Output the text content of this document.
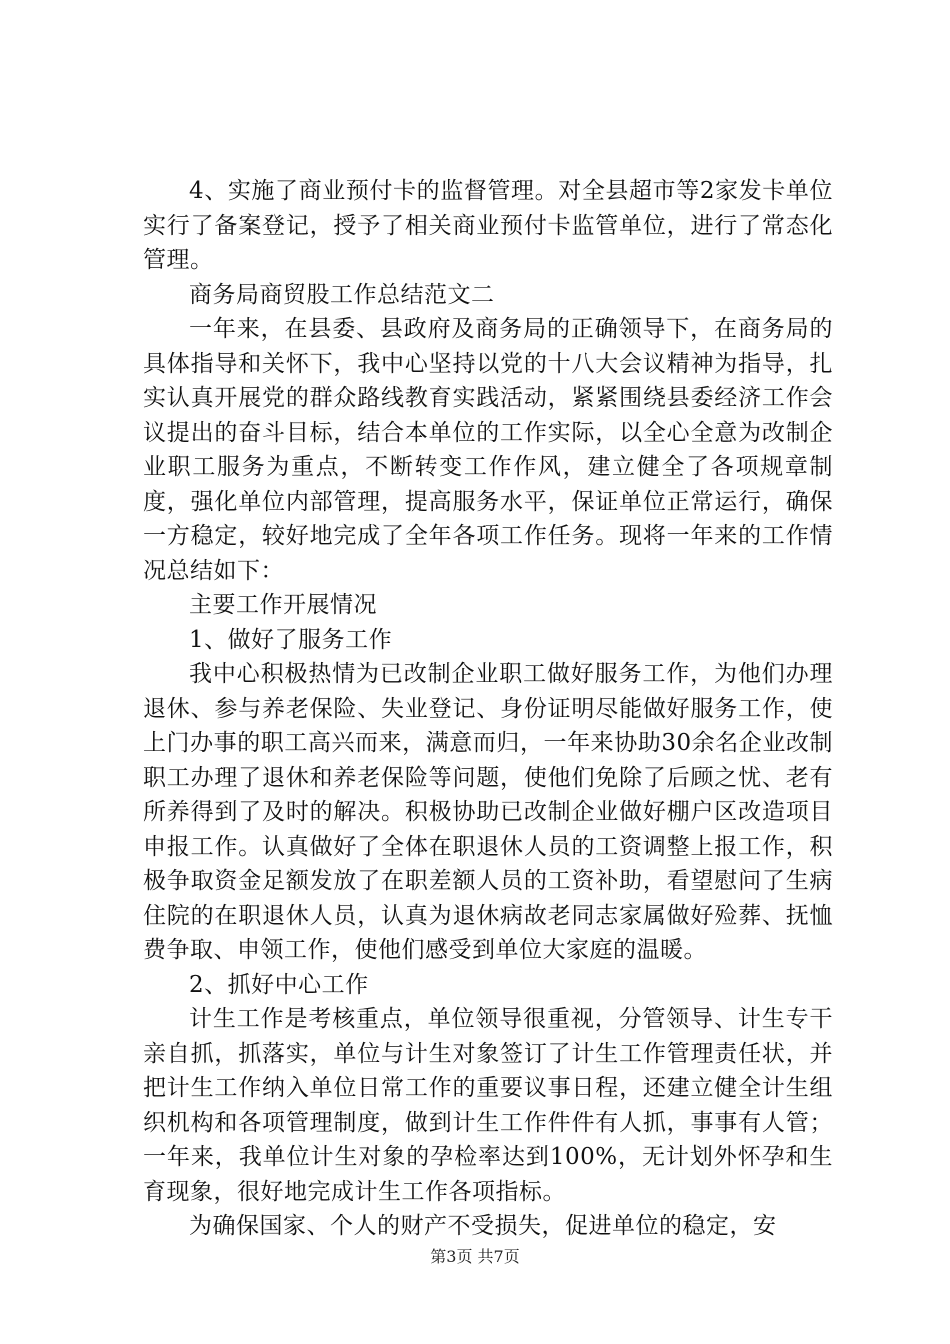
4、实施了商业预付卡的监督管理。对全县超市等2家发卡单位实行了备案登记，授予了相关商业预付卡监管单位，进行了常态化管理。

商务局商贸股工作总结范文二

一年来，在县委、县政府及商务局的正确领导下，在商务局的具体指导和关怀下，我中心坚持以党的十八大会议精神为指导，扎实认真开展党的群众路线教育实践活动，紧紧围绕县委经济工作会议提出的奋斗目标，结合本单位的工作实际，以全心全意为改制企业职工服务为重点，不断转变工作作风，建立健全了各项规章制度，强化单位内部管理，提高服务水平，保证单位正常运行，确保一方稳定，较好地完成了全年各项工作任务。现将一年来的工作情况总结如下：

主要工作开展情况

1、做好了服务工作

我中心积极热情为已改制企业职工做好服务工作，为他们办理退休、参与养老保险、失业登记、身份证明尽能做好服务工作，使上门办事的职工高兴而来，满意而归，一年来协助30余名企业改制职工办理了退休和养老保险等问题，使他们免除了后顾之忧、老有所养得到了及时的解决。积极协助已改制企业做好棚户区改造项目申报工作。认真做好了全体在职退休人员的工资调整上报工作，积极争取资金足额发放了在职差额人员的工资补助，看望慰问了生病住院的在职退休人员，认真为退休病故老同志家属做好殓葬、抚恤费争取、申领工作，使他们感受到单位大家庭的温暖。

2、抓好中心工作

计生工作是考核重点，单位领导很重视，分管领导、计生专干亲自抓，抓落实，单位与计生对象签订了计生工作管理责任状，并把计生工作纳入单位日常工作的重要议事日程，还建立健全计生组织机构和各项管理制度，做到计生工作件件有人抓，事事有人管；一年来，我单位计生对象的孕检率达到100%，无计划外怀孕和生育现象，很好地完成计生工作各项指标。

为确保国家、个人的财产不受损失，促进单位的稳定，安

第3页 共7页
